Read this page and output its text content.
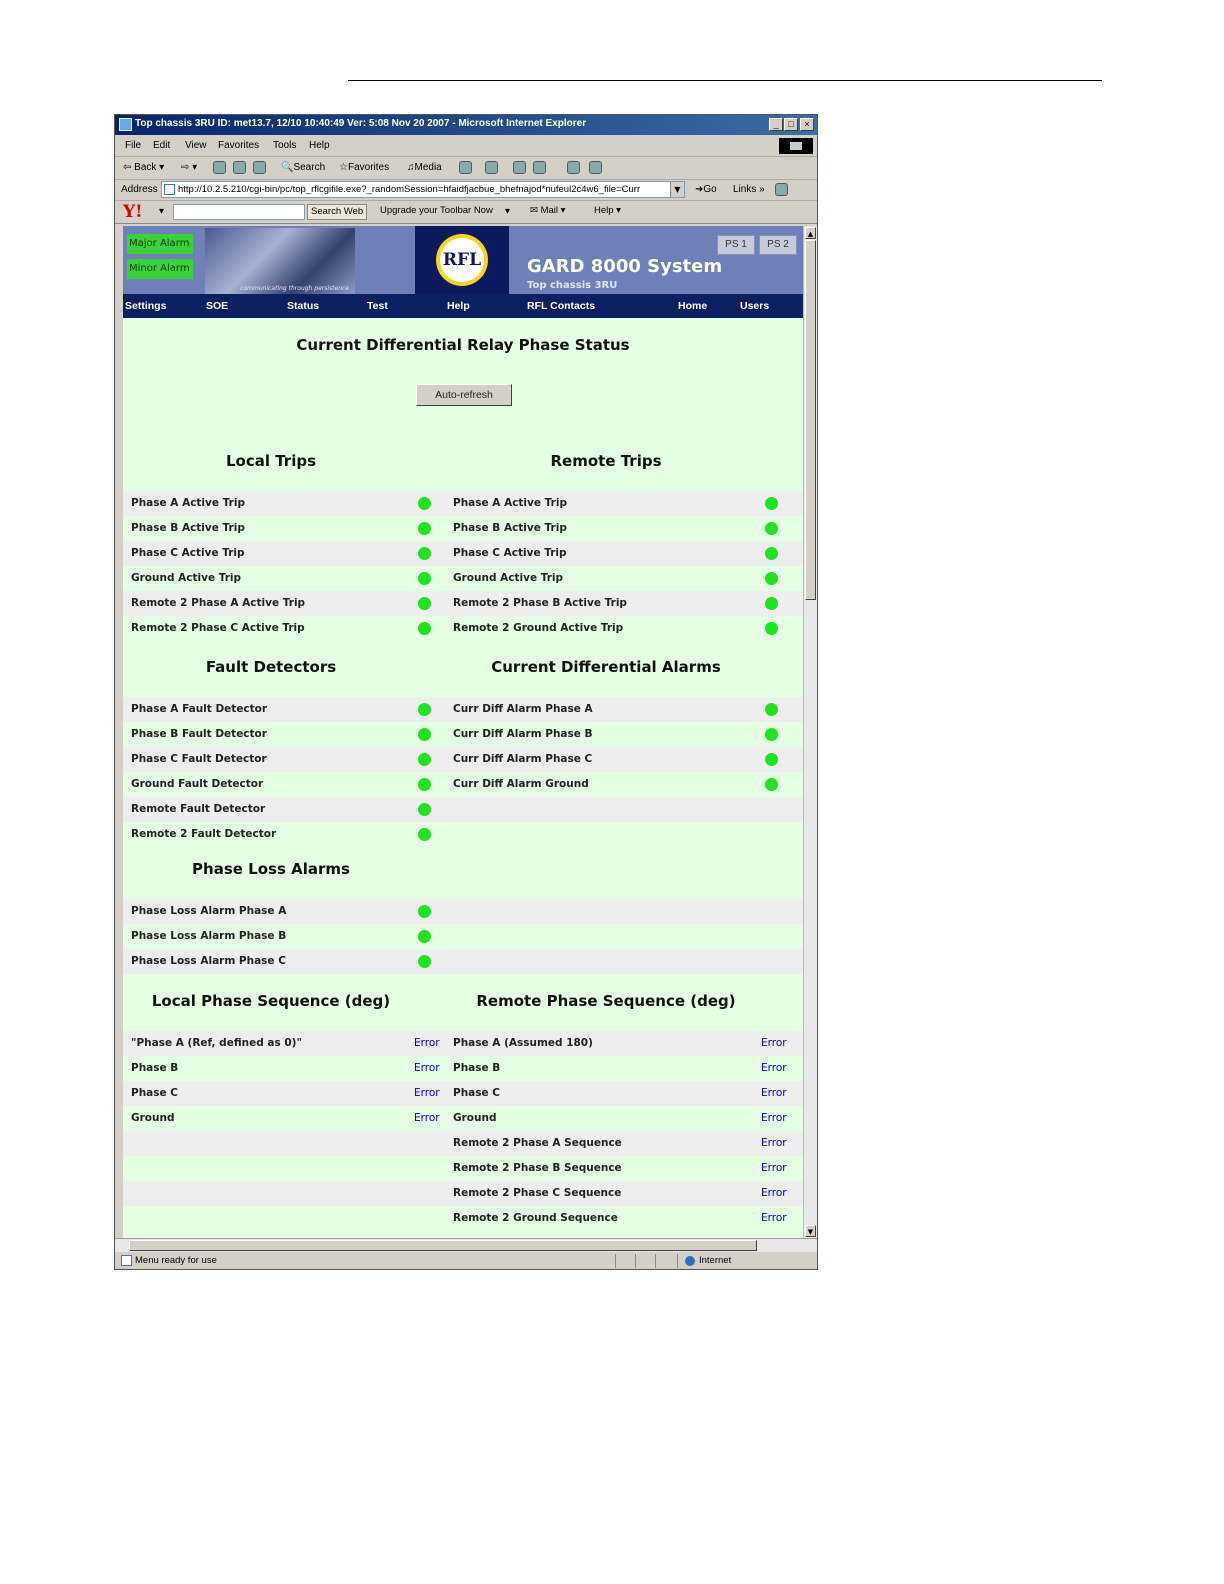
Top chassis 3RU ID: met13.7, 12/10 10:40:49 Ver: 5:08 Nov 20 2007 - Microsoft Internet Explorer	_	□	×
File Edit View Favorites Tools Help
⇦ Back ▾ ⇨ ▾	🔍Search ☆Favorites ♫Media
Address http://10.2.5.210/cgi-bin/pc/top_rflcgifile.exe?_randomSession=hfaidfjacbue_bhefnajod*nufeul2c4w6_file=Curr	▼	➜Go Links »
Y! ▾	Search Web	Upgrade your Toolbar Now	▾	✉ Mail ▾	Help ▾
Major Alarm
Minor Alarm
communicating through persistence
RFL	GARD 8000 System
Top chassis 3RU
PS 1	PS 2
Settings	SOE	Status	Test	Help	RFL Contacts	Home	Users
Current Differential Relay Phase Status
Auto-refresh
Local Trips	Remote Trips
Fault Detectors	Current Differential Alarms
Phase Loss Alarms
Local Phase Sequence (deg)	Remote Phase Sequence (deg)
Phase A Active Trip	Phase A Active Trip
Phase B Active Trip	Phase B Active Trip
Phase C Active Trip	Phase C Active Trip
Ground Active Trip	Ground Active Trip
Remote 2 Phase A Active Trip	Remote 2 Phase B Active Trip
Remote 2 Phase C Active Trip	Remote 2 Ground Active Trip
Phase A Fault Detector	Curr Diff Alarm Phase A
Phase B Fault Detector	Curr Diff Alarm Phase B
Phase C Fault Detector	Curr Diff Alarm Phase C
Ground Fault Detector	Curr Diff Alarm Ground
Remote Fault Detector
Remote 2 Fault Detector
Phase Loss Alarm Phase A
Phase Loss Alarm Phase B
Phase Loss Alarm Phase C
"Phase A (Ref, defined as 0)"	Error Phase A (Assumed 180)	Error
Phase B	Error Phase B	Error
Phase C	Error Phase C	Error
Ground	Error Ground	Error
Remote 2 Phase A Sequence	Error
Remote 2 Phase B Sequence	Error
Remote 2 Phase C Sequence	Error
Remote 2 Ground Sequence	Error
▲
▼
Menu ready for use	Internet
